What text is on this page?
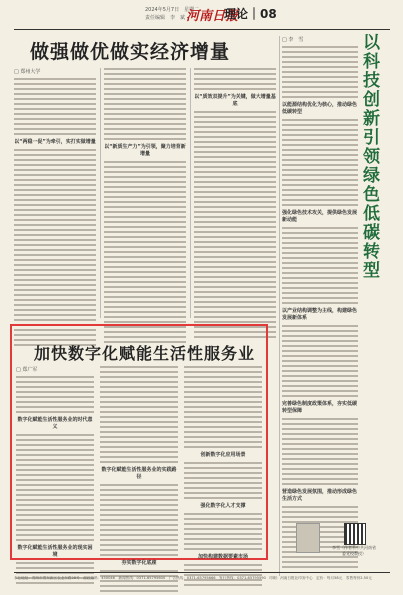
2024年5月7日　星期二
责任编辑　李　斌 河南日报
理论｜08
做强做优做实经济增量	以科技创新引领绿色低碳转型
□ 郑州大学
以“两稳一促”为牵引，实打实做增量
以“新质生产力”为引领，聚力培育新增量
以“质效双提升”为关键，做大增量基底
□ 李　雪
以能源结构优化为核心，推动绿色低碳转型
强化绿色技术攻关，提供绿色发展新动能
以产业结构调整为主线，构建绿色发展新体系
完善绿色制度政策体系，夯实低碳转型保障
营造绿色发展氛围，推动形成绿色生活方式
李雪（作者系中共河南省委党校教授）
加快数字化赋能生活性服务业
□ 郑广军
数字化赋能生活性服务业的时代意义
数字化赋能生活性服务业的现实困境
数字化赋能生活性服务业的实践路径
夯实数字化底座
创新数字化应用场景
强化数字化人才支撑
加快构建数据要素市场
本社地址：郑州市郑东新区农业东路28号　邮政编码：450046　新闻热线：0371-65795600　广告热线：0371-65795666　发行热线：0371-65795590　印刷：河南日报社印务中心　定价：每月58元　零售每份2.50元
